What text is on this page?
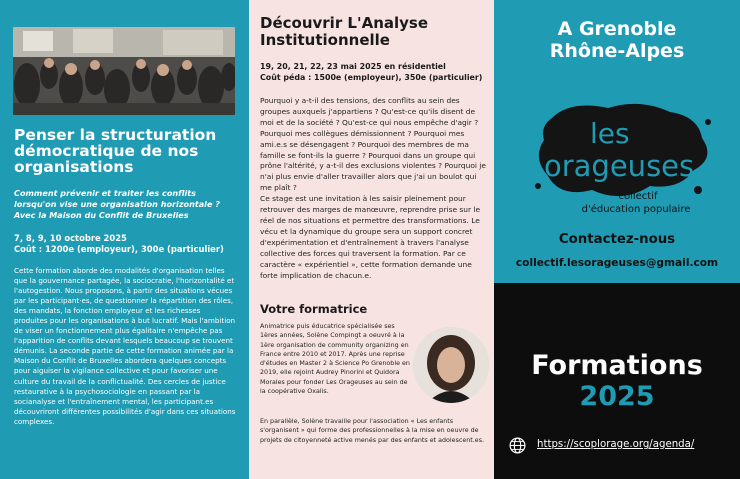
Penser la structuration démocratique de nos organisations
Comment prévenir et traiter les conflits lorsqu'on vise une organisation horizontale ? Avec la Maison du Conflit de Bruxelles
7, 8, 9, 10 octobre 2025
Coût : 1200e (employeur), 300e (particulier)
Cette formation aborde des modalités d'organisation telles que la gouvernance partagée, la sociocratie, l'horizontalité et l'autogestion. Nous proposons, à partir des situations vécues par les participant·es, de questionner la répartition des rôles, des mandats, la fonction employeur et les richesses produites pour les organisations à but lucratif. Mais l'ambition de viser un fonctionnement plus égalitaire n'empêche pas l'apparition de conflits devant lesquels beaucoup se trouvent démunis. La seconde partie de cette formation animée par la Maison du Conflit de Bruxelles abordera quelques concepts pour aiguiser la vigilance collective et pour favoriser une culture du travail de la conflictualité. Des cercles de justice restaurative à la psychosociologie en passant par la socianalyse et l'entraînement mental, les participant.es découvriront différentes possibilités d'agir dans ces situations complexes.
Découvrir L'Analyse Institutionnelle
19, 20, 21, 22, 23 mai 2025 en résidentiel
Coût péda : 1500e (employeur), 350e (particulier)

Pourquoi y a-t-il des tensions, des conflits au sein des groupes auxquels j'appartiens ? Qu'est-ce qu'ils disent de moi et de la société ? Qu'est-ce qui nous empêche d'agir ? Pourquoi mes collègues démissionnent ? Pourquoi mes ami.e.s se désengagent ? Pourquoi des membres de ma famille se font-ils la guerre ? Pourquoi dans un groupe qui prône l'altérité, y a-t-il des exclusions violentes ? Pourquoi je n'ai plus envie d'aller travailler alors que j'ai un boulot qui me plaît ?

Ce stage est une invitation à les saisir pleinement pour retrouver des marges de manœuvre, reprendre prise sur le réel de nos situations et permettre des transformations. Le vécu et la dynamique du groupe sera un support concret d'expérimentation et d'entraînement à travers l'analyse collective des forces qui traversent la formation. Par ce caractère « expérientiel », cette formation demande une forte implication de chacun.e.

Votre formatrice
Animatrice puis éducatrice spécialisée ses 1ères années, Solène Compingt a oeuvré à la 1ère organisation de community organizing en France entre 2010 et 2017. Après une reprise d'études en Master 2 à Science Po Grenoble en 2019, elle rejoint Audrey Pinorini et Quidora Morales pour fonder Les Orageuses au sein de la coopérative Oxalis.
En parallèle, Solène travaille pour l'association « Les enfants s'organisent » qui forme des professionnelles à la mise en oeuvre de projets de citoyenneté active menés par des enfants et adolescent.es.
A Grenoble
Rhône-Alpes
les
orageuses
collectif
d'éducation populaire
Contactez-nous
collectif.lesorageuses@gmail.com
Formations
2025
https://scoplorage.org/agenda/
